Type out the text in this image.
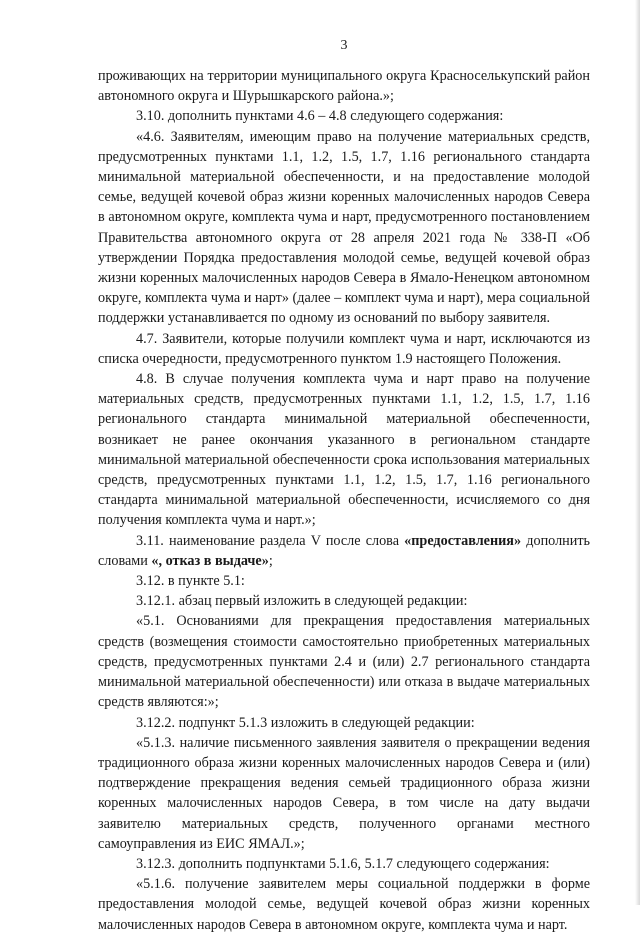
3

проживающих на территории муниципального округа Красноселькупский район автономного округа и Шурышкарского района.»;

3.10. дополнить пунктами 4.6 – 4.8 следующего содержания:

«4.6. Заявителям, имеющим право на получение материальных средств, предусмотренных пунктами 1.1, 1.2, 1.5, 1.7, 1.16 регионального стандарта минимальной материальной обеспеченности, и на предоставление молодой семье, ведущей кочевой образ жизни коренных малочисленных народов Севера в автономном округе, комплекта чума и нарт, предусмотренного постановлением Правительства автономного округа от 28 апреля 2021 года № 338-П «Об утверждении Порядка предоставления молодой семье, ведущей кочевой образ жизни коренных малочисленных народов Севера в Ямало-Ненецком автономном округе, комплекта чума и нарт» (далее – комплект чума и нарт), мера социальной поддержки устанавливается по одному из оснований по выбору заявителя.

4.7. Заявители, которые получили комплект чума и нарт, исключаются из списка очередности, предусмотренного пунктом 1.9 настоящего Положения.

4.8. В случае получения комплекта чума и нарт право на получение материальных средств, предусмотренных пунктами 1.1, 1.2, 1.5, 1.7, 1.16 регионального стандарта минимальной материальной обеспеченности, возникает не ранее окончания указанного в региональном стандарте минимальной материальной обеспеченности срока использования материальных средств, предусмотренных пунктами 1.1, 1.2, 1.5, 1.7, 1.16 регионального стандарта минимальной материальной обеспеченности, исчисляемого со дня получения комплекта чума и нарт.»;

3.11. наименование раздела V после слова «предоставления» дополнить словами «, отказ в выдаче»;

3.12. в пункте 5.1:

3.12.1. абзац первый изложить в следующей редакции:

«5.1. Основаниями для прекращения предоставления материальных средств (возмещения стоимости самостоятельно приобретенных материальных средств, предусмотренных пунктами 2.4 и (или) 2.7 регионального стандарта минимальной материальной обеспеченности) или отказа в выдаче материальных средств являются:»;

3.12.2. подпункт 5.1.3 изложить в следующей редакции:

«5.1.3. наличие письменного заявления заявителя о прекращении ведения традиционного образа жизни коренных малочисленных народов Севера и (или) подтверждение прекращения ведения семьей традиционного образа жизни коренных малочисленных народов Севера, в том числе на дату выдачи заявителю материальных средств, полученного органами местного самоуправления из ЕИС ЯМАЛ.»;

3.12.3. дополнить подпунктами 5.1.6, 5.1.7 следующего содержания:

«5.1.6. получение заявителем меры социальной поддержки в форме предоставления молодой семье, ведущей кочевой образ жизни коренных малочисленных народов Севера в автономном округе, комплекта чума и нарт.
